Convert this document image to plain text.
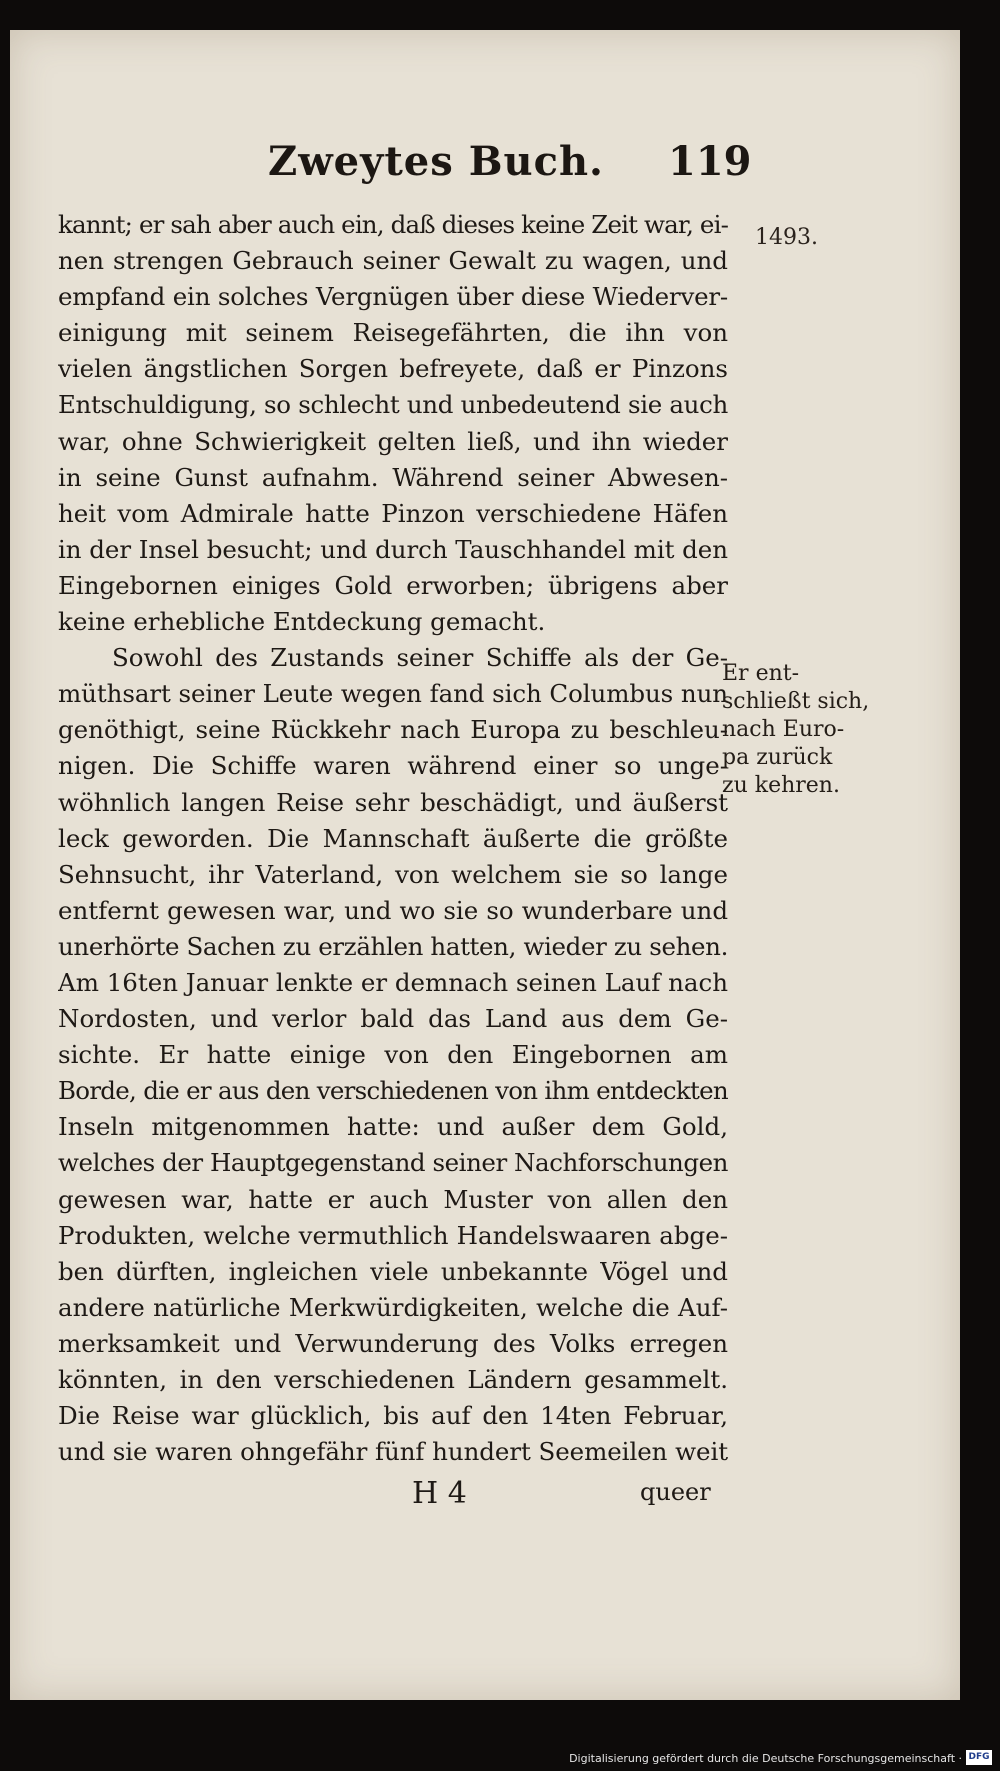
Zweytes Buch. 119
1493.
kannt; er sah aber auch ein, daß dieses keine Zeit war, ei-
nen strengen Gebrauch seiner Gewalt zu wagen, und
empfand ein solches Vergnügen über diese Wiederver-
einigung mit seinem Reisegefährten, die ihn von
vielen ängstlichen Sorgen befreyete, daß er Pinzons
Entschuldigung, so schlecht und unbedeutend sie auch
war, ohne Schwierigkeit gelten ließ, und ihn wieder
in seine Gunst aufnahm. Während seiner Abwesen-
heit vom Admirale hatte Pinzon verschiedene Häfen
in der Insel besucht; und durch Tauschhandel mit den
Eingebornen einiges Gold erworben; übrigens aber
keine erhebliche Entdeckung gemacht.
Sowohl des Zustands seiner Schiffe als der Ge-
müthsart seiner Leute wegen fand sich Columbus nun
genöthigt, seine Rückkehr nach Europa zu beschleu-
nigen. Die Schiffe waren während einer so unge-
wöhnlich langen Reise sehr beschädigt, und äußerst
leck geworden. Die Mannschaft äußerte die größte
Sehnsucht, ihr Vaterland, von welchem sie so lange
entfernt gewesen war, und wo sie so wunderbare und
unerhörte Sachen zu erzählen hatten, wieder zu sehen.
Am 16ten Januar lenkte er demnach seinen Lauf nach
Nordosten, und verlor bald das Land aus dem Ge-
sichte. Er hatte einige von den Eingebornen am
Borde, die er aus den verschiedenen von ihm entdeckten
Inseln mitgenommen hatte: und außer dem Gold,
welches der Hauptgegenstand seiner Nachforschungen
gewesen war, hatte er auch Muster von allen den
Produkten, welche vermuthlich Handelswaaren abge-
ben dürften, ingleichen viele unbekannte Vögel und
andere natürliche Merkwürdigkeiten, welche die Auf-
merksamkeit und Verwunderung des Volks erregen
könnten, in den verschiedenen Ländern gesammelt.
Die Reise war glücklich, bis auf den 14ten Februar,
und sie waren ohngefähr fünf hundert Seemeilen weit
Er ent-
schließt sich,
nach Euro-
pa zurück
zu kehren.
H 4	queer
Digitalisierung gefördert durch die Deutsche Forschungsgemeinschaft · DFG
